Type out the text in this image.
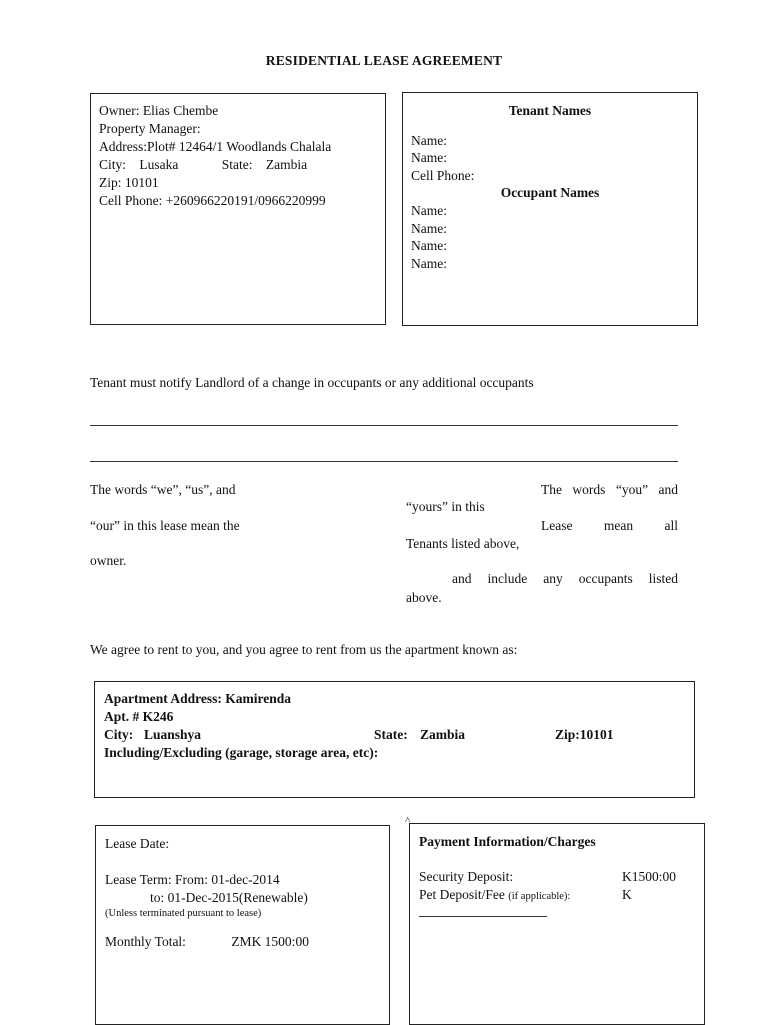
RESIDENTIAL LEASE AGREEMENT
Owner: Elias Chembe
Property Manager:
Address:Plot# 12464/1 Woodlands Chalala
City: Lusaka	State: Zambia
Zip: 10101
Cell Phone: +260966220191/0966220999
Tenant Names
Name:
Name:
Cell Phone:
Occupant Names
Name:
Name:
Name:
Name:
Tenant must notify Landlord of a change in occupants or any additional occupants
The words “we”, “us”, and
“our” in this lease mean the
owner.
The words “you” and
“yours” in this
Lease mean all
Tenants listed above,
and include any occupants listed
above.
We agree to rent to you, and you agree to rent from us the apartment known as:
Apartment Address: Kamirenda
Apt. # K246
City: Luanshya	State: Zambia	Zip:10101
Including/Excluding (garage, storage area, etc):
^
Lease Date:
Lease Term: From: 01-dec-2014
to: 01-Dec-2015(Renewable)
(Unless terminated pursuant to lease)
Monthly Total:	ZMK 1500:00
Payment Information/Charges
Security Deposit:	K1500:00
Pet Deposit/Fee (if applicable):	K
